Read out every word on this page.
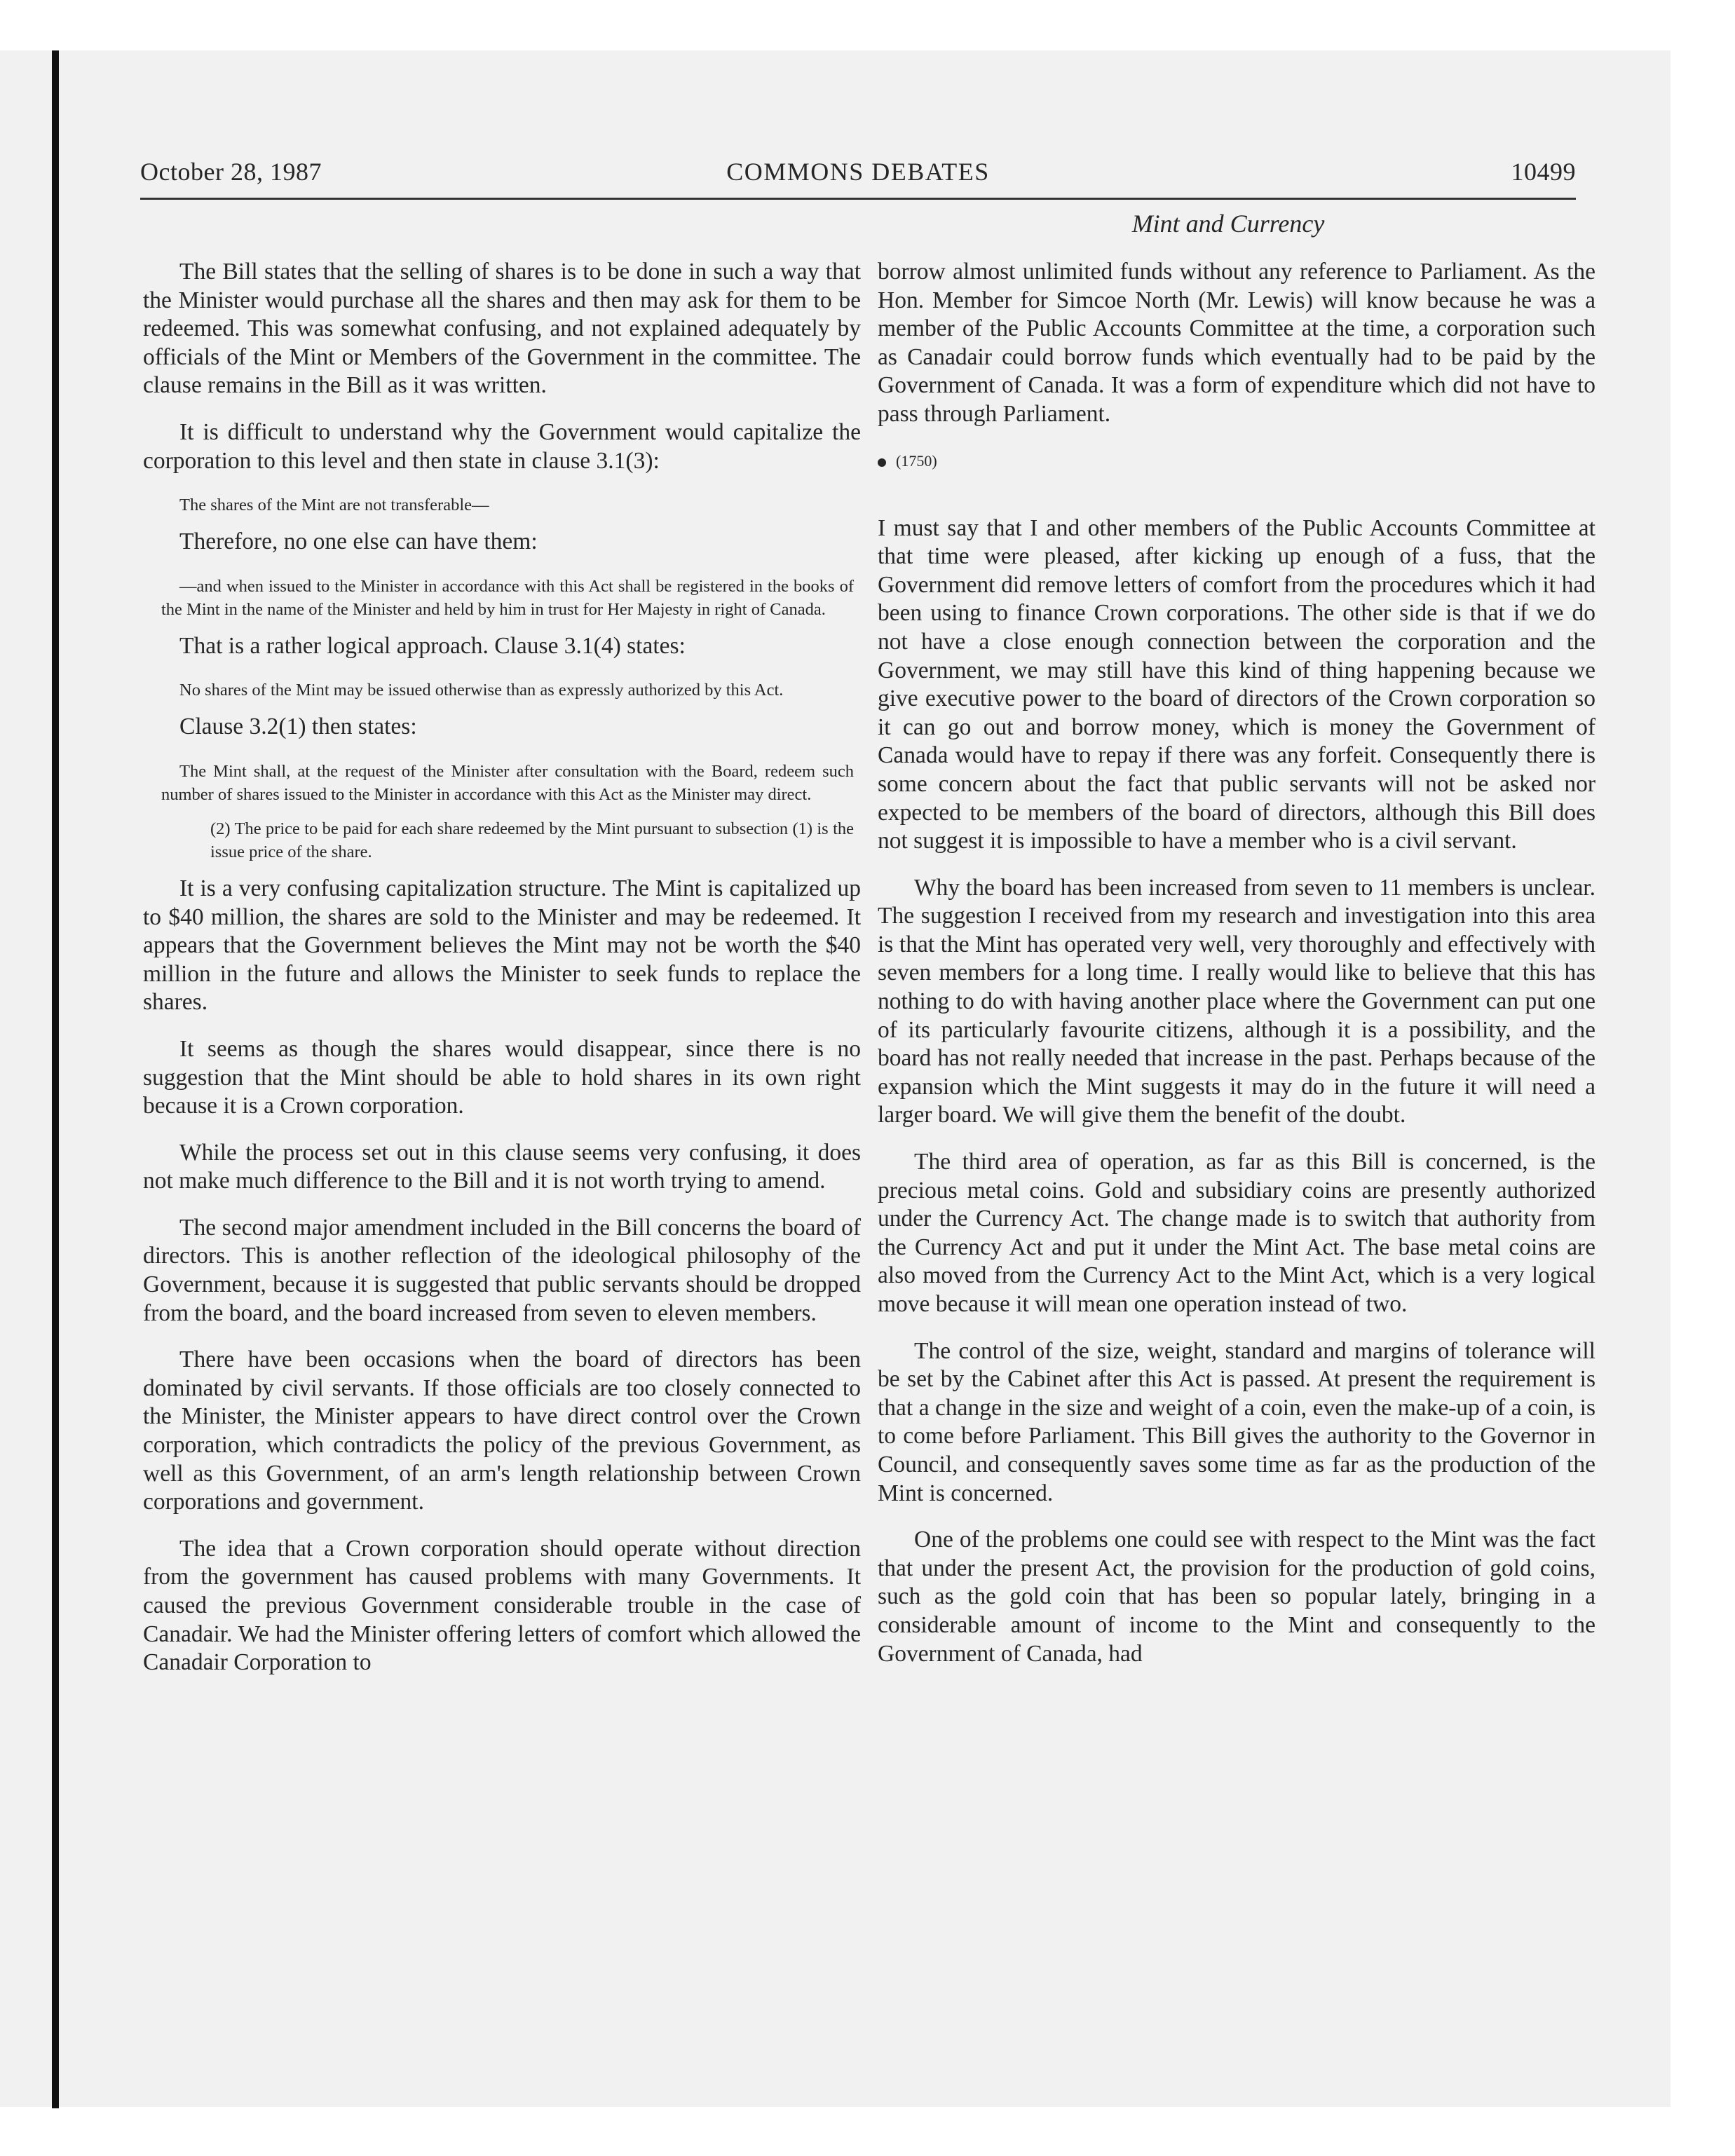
COMMONS DEBATES
October 28, 1987	10499
Mint and Currency

The Bill states that the selling of shares is to be done in such a way that the Minister would purchase all the shares and then may ask for them to be redeemed. This was somewhat confusing, and not explained adequately by officials of the Mint or Members of the Government in the committee. The clause remains in the Bill as it was written.

It is difficult to understand why the Government would capitalize the corporation to this level and then state in clause 3.1(3):

The shares of the Mint are not transferable—

Therefore, no one else can have them:

—and when issued to the Minister in accordance with this Act shall be registered in the books of the Mint in the name of the Minister and held by him in trust for Her Majesty in right of Canada.

That is a rather logical approach. Clause 3.1(4) states:

No shares of the Mint may be issued otherwise than as expressly authorized by this Act.

Clause 3.2(1) then states:

The Mint shall, at the request of the Minister after consultation with the Board, redeem such number of shares issued to the Minister in accordance with this Act as the Minister may direct.

(2) The price to be paid for each share redeemed by the Mint pursuant to subsection (1) is the issue price of the share.

It is a very confusing capitalization structure. The Mint is capitalized up to $40 million, the shares are sold to the Minister and may be redeemed. It appears that the Government believes the Mint may not be worth the $40 million in the future and allows the Minister to seek funds to replace the shares.

It seems as though the shares would disappear, since there is no suggestion that the Mint should be able to hold shares in its own right because it is a Crown corporation.

While the process set out in this clause seems very confusing, it does not make much difference to the Bill and it is not worth trying to amend.

The second major amendment included in the Bill concerns the board of directors. This is another reflection of the ideological philosophy of the Government, because it is suggested that public servants should be dropped from the board, and the board increased from seven to eleven members.

There have been occasions when the board of directors has been dominated by civil servants. If those officials are too closely connected to the Minister, the Minister appears to have direct control over the Crown corporation, which contradicts the policy of the previous Government, as well as this Government, of an arm's length relationship between Crown corporations and government.

The idea that a Crown corporation should operate without direction from the government has caused problems with many Governments. It caused the previous Government considerable trouble in the case of Canadair. We had the Minister offering letters of comfort which allowed the Canadair Corporation to

borrow almost unlimited funds without any reference to Parliament. As the Hon. Member for Simcoe North (Mr. Lewis) will know because he was a member of the Public Accounts Committee at the time, a corporation such as Canadair could borrow funds which eventually had to be paid by the Government of Canada. It was a form of expenditure which did not have to pass through Parliament.

(1750)

I must say that I and other members of the Public Accounts Committee at that time were pleased, after kicking up enough of a fuss, that the Government did remove letters of comfort from the procedures which it had been using to finance Crown corporations. The other side is that if we do not have a close enough connection between the corporation and the Government, we may still have this kind of thing happening because we give executive power to the board of directors of the Crown corporation so it can go out and borrow money, which is money the Government of Canada would have to repay if there was any forfeit. Consequently there is some concern about the fact that public servants will not be asked nor expected to be members of the board of directors, although this Bill does not suggest it is impossible to have a member who is a civil servant.

Why the board has been increased from seven to 11 members is unclear. The suggestion I received from my research and investigation into this area is that the Mint has operated very well, very thoroughly and effectively with seven members for a long time. I really would like to believe that this has nothing to do with having another place where the Government can put one of its particularly favourite citizens, although it is a possibility, and the board has not really needed that increase in the past. Perhaps because of the expansion which the Mint suggests it may do in the future it will need a larger board. We will give them the benefit of the doubt.

The third area of operation, as far as this Bill is concerned, is the precious metal coins. Gold and subsidiary coins are presently authorized under the Currency Act. The change made is to switch that authority from the Currency Act and put it under the Mint Act. The base metal coins are also moved from the Currency Act to the Mint Act, which is a very logical move because it will mean one operation instead of two.

The control of the size, weight, standard and margins of tolerance will be set by the Cabinet after this Act is passed. At present the requirement is that a change in the size and weight of a coin, even the make-up of a coin, is to come before Parliament. This Bill gives the authority to the Governor in Council, and consequently saves some time as far as the production of the Mint is concerned.

One of the problems one could see with respect to the Mint was the fact that under the present Act, the provision for the production of gold coins, such as the gold coin that has been so popular lately, bringing in a considerable amount of income to the Mint and consequently to the Government of Canada, had
